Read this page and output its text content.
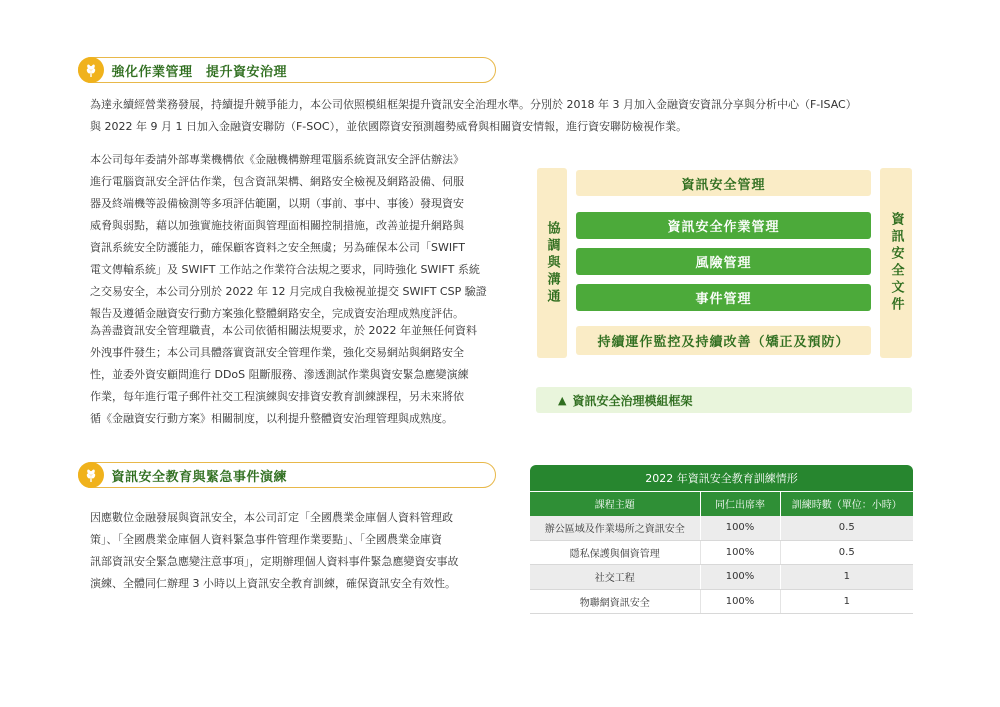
強化作業管理　提升資安治理
為達永續經營業務發展，持續提升競爭能力，本公司依照模組框架提升資訊安全治理水準。分別於 2018 年 3 月加入金融資安資訊分享與分析中心（F-ISAC）
與 2022 年 9 月 1 日加入金融資安聯防（F-SOC），並依國際資安預測趨勢威脅與相關資安情報，進行資安聯防檢視作業。
本公司每年委請外部專業機構依《金融機構辦理電腦系統資訊安全評估辦法》
進行電腦資訊安全評估作業，包含資訊架構、網路安全檢視及網路設備、伺服
器及終端機等設備檢測等多項評估範圍，以期（事前、事中、事後）發現資安
威脅與弱點，藉以加強實施技術面與管理面相關控制措施，改善並提升網路與
資訊系統安全防護能力，確保顧客資料之安全無虞；另為確保本公司「SWIFT
電文傳輸系統」及 SWIFT 工作站之作業符合法規之要求，同時強化 SWIFT 系統
之交易安全，本公司分別於 2022 年 12 月完成自我檢視並提交 SWIFT CSP 驗證
報告及遵循金融資安行動方案強化整體網路安全，完成資安治理成熟度評估。
為善盡資訊安全管理職責，本公司依循相關法規要求，於 2022 年並無任何資料
外洩事件發生；本公司具體落實資訊安全管理作業，強化交易網站與網路安全
性，並委外資安顧問進行 DDoS 阻斷服務、滲透測試作業與資安緊急應變演練
作業，每年進行電子郵件社交工程演練與安排資安教育訓練課程，另未來將依
循《金融資安行動方案》相關制度，以利提升整體資安治理管理與成熟度。
協調與溝通	資訊安全文件
資訊安全管理
資訊安全作業管理
風險管理
事件管理
持續運作監控及持續改善（矯正及預防）
▲ 資訊安全治理模組框架
資訊安全教育與緊急事件演練
因應數位金融發展與資訊安全，本公司訂定「全國農業金庫個人資料管理政
策」、「全國農業金庫個人資料緊急事件管理作業要點」、「全國農業金庫資
訊部資訊安全緊急應變注意事項」，定期辦理個人資料事件緊急應變資安事故
演練、全體同仁辦理 3 小時以上資訊安全教育訓練，確保資訊安全有效性。
2022 年資訊安全教育訓練情形
課程主題	同仁出席率	訓練時數（單位：小時）
辦公區域及作業場所之資訊安全	100%	0.5
隱私保護與個資管理	100%	0.5
社交工程	100%	1
物聯網資訊安全	100%	1
